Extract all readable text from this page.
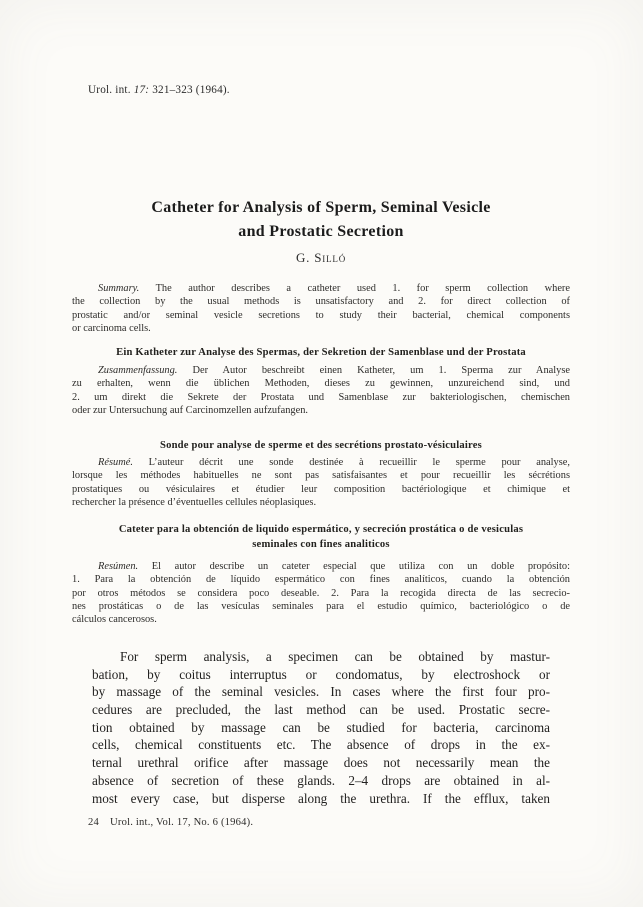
Urol. int. 17: 321–323 (1964).
Catheter for Analysis of Sperm, Seminal Vesicle
and Prostatic Secretion
G. Silló
Summary. The author describes a catheter used 1. for sperm collection where
the collection by the usual methods is unsatisfactory and 2. for direct collection of
prostatic and/or seminal vesicle secretions to study their bacterial, chemical components
or carcinoma cells.
Ein Katheter zur Analyse des Spermas, der Sekretion der Samenblase und der Prostata
Zusammenfassung. Der Autor beschreibt einen Katheter, um 1. Sperma zur Analyse
zu erhalten, wenn die üblichen Methoden, dieses zu gewinnen, unzureichend sind, und
2. um direkt die Sekrete der Prostata und Samenblase zur bakteriologischen, chemischen
oder zur Untersuchung auf Carcinomzellen aufzufangen.
Sonde pour analyse de sperme et des secrétions prostato-vésiculaires
Résumé. L’auteur décrit une sonde destinée à recueillir le sperme pour analyse,
lorsque les méthodes habituelles ne sont pas satisfaisantes et pour recueillir les sécrétions
prostatiques ou vésiculaires et étudier leur composition bactériologique et chimique et
rechercher la présence d’éventuelles cellules néoplasiques.
Cateter para la obtención de liquido espermático, y secreción prostática o de vesiculas
seminales con fines analiticos
Resúmen. El autor describe un cateter especial que utiliza con un doble propósito:
1. Para la obtención de líquido espermático con fines analíticos, cuando la obtención
por otros métodos se considera poco deseable. 2. Para la recogida directa de las secrecio-
nes prostáticas o de las vesículas seminales para el estudio químico, bacteriológico o de
cálculos cancerosos.
For sperm analysis, a specimen can be obtained by mastur-
bation, by coitus interruptus or condomatus, by electroshock or
by massage of the seminal vesicles. In cases where the first four pro-
cedures are precluded, the last method can be used. Prostatic secre-
tion obtained by massage can be studied for bacteria, carcinoma
cells, chemical constituents etc. The absence of drops in the ex-
ternal urethral orifice after massage does not necessarily mean the
absence of secretion of these glands. 2–4 drops are obtained in al-
most every case, but disperse along the urethra. If the efflux, taken
24 Urol. int., Vol. 17, No. 6 (1964).
